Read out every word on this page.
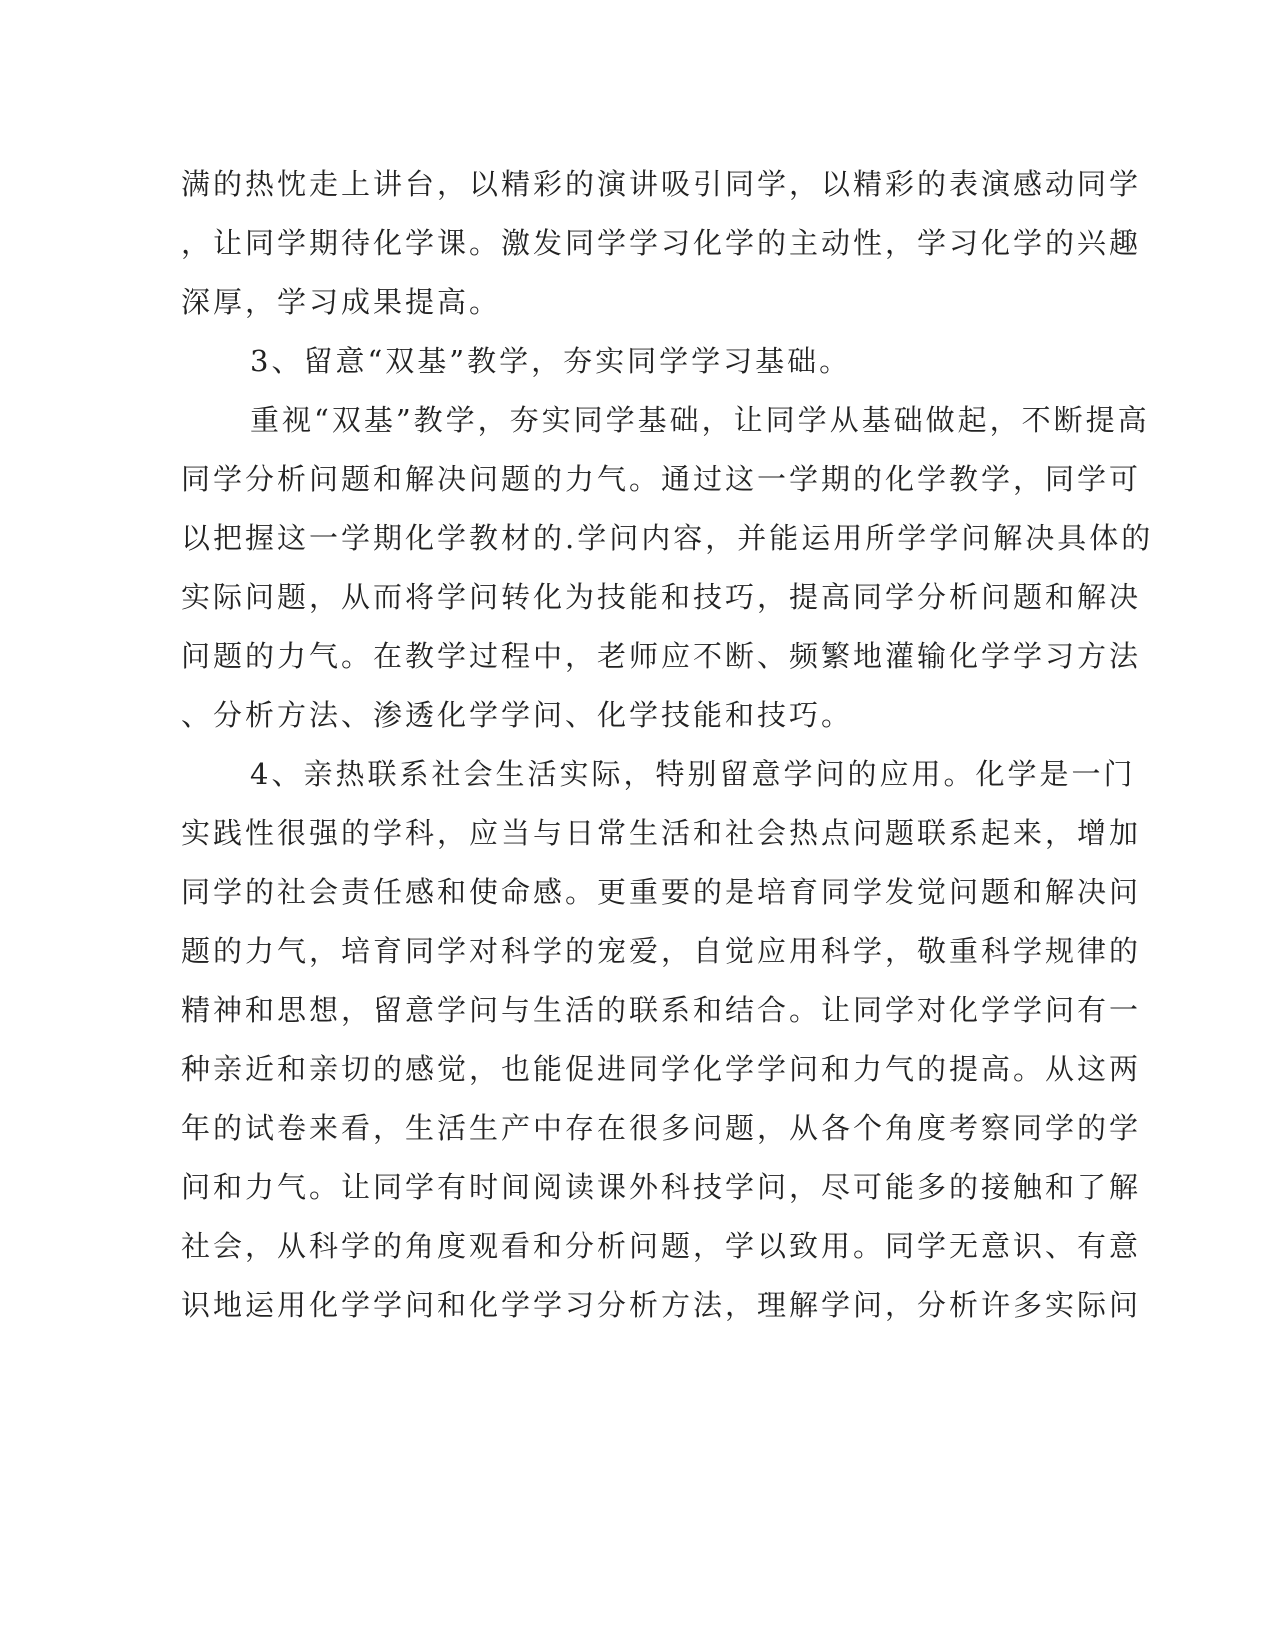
满的热忱走上讲台，以精彩的演讲吸引同学，以精彩的表演感动同学
，让同学期待化学课。激发同学学习化学的主动性，学习化学的兴趣
深厚，学习成果提高。
3、留意“双基”教学，夯实同学学习基础。
重视“双基”教学，夯实同学基础，让同学从基础做起，不断提高
同学分析问题和解决问题的力气。通过这一学期的化学教学，同学可
以把握这一学期化学教材的.学问内容，并能运用所学学问解决具体的
实际问题，从而将学问转化为技能和技巧，提高同学分析问题和解决
问题的力气。在教学过程中，老师应不断、频繁地灌输化学学习方法
、分析方法、渗透化学学问、化学技能和技巧。
4、亲热联系社会生活实际，特别留意学问的应用。化学是一门
实践性很强的学科，应当与日常生活和社会热点问题联系起来，增加
同学的社会责任感和使命感。更重要的是培育同学发觉问题和解决问
题的力气，培育同学对科学的宠爱，自觉应用科学，敬重科学规律的
精神和思想，留意学问与生活的联系和结合。让同学对化学学问有一
种亲近和亲切的感觉，也能促进同学化学学问和力气的提高。从这两
年的试卷来看，生活生产中存在很多问题，从各个角度考察同学的学
问和力气。让同学有时间阅读课外科技学问，尽可能多的接触和了解
社会，从科学的角度观看和分析问题，学以致用。同学无意识、有意
识地运用化学学问和化学学习分析方法，理解学问，分析许多实际问
